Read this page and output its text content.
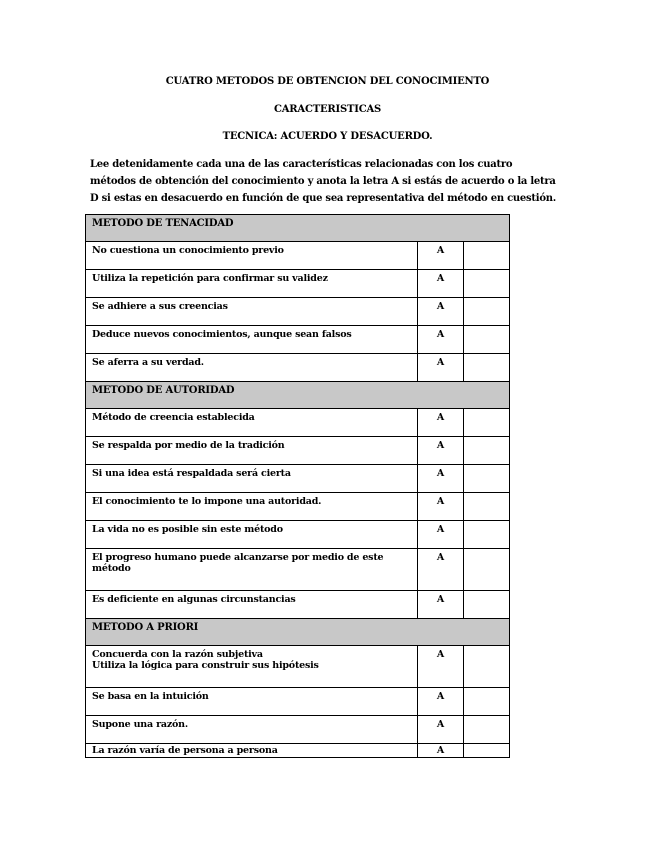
CUATRO METODOS DE OBTENCION DEL CONOCIMIENTO
CARACTERISTICAS
TECNICA: ACUERDO Y DESACUERDO.
Lee detenidamente cada una de las características relacionadas con los cuatro métodos de obtención del conocimiento y anota la letra A si estás de acuerdo o la letra D si estas en desacuerdo en función de que sea representativa del método en cuestión.
METODO DE TENACIDAD		
No cuestiona un conocimiento previo	A	
Utiliza la repetición para confirmar su validez	A	
Se adhiere a sus creencias	A	
Deduce nuevos conocimientos, aunque sean falsos	A	
Se aferra a su verdad.	A	
METODO DE AUTORIDAD		
Método de creencia establecida	A	
Se respalda por medio de la tradición	A	
Si una idea está respaldada será cierta	A	
El conocimiento te lo impone una autoridad.	A	
La vida no es posible sin este método	A	
El progreso humano puede alcanzarse por medio de este método	A	
Es deficiente en algunas circunstancias	A	
METODO A PRIORI		

Concuerda con la razón subjetiva
Utiliza la lógica para construir sus hipótesis	A	
Se basa en la intuición	A	
Supone una razón.	A	
La razón varía de persona a persona	A	
